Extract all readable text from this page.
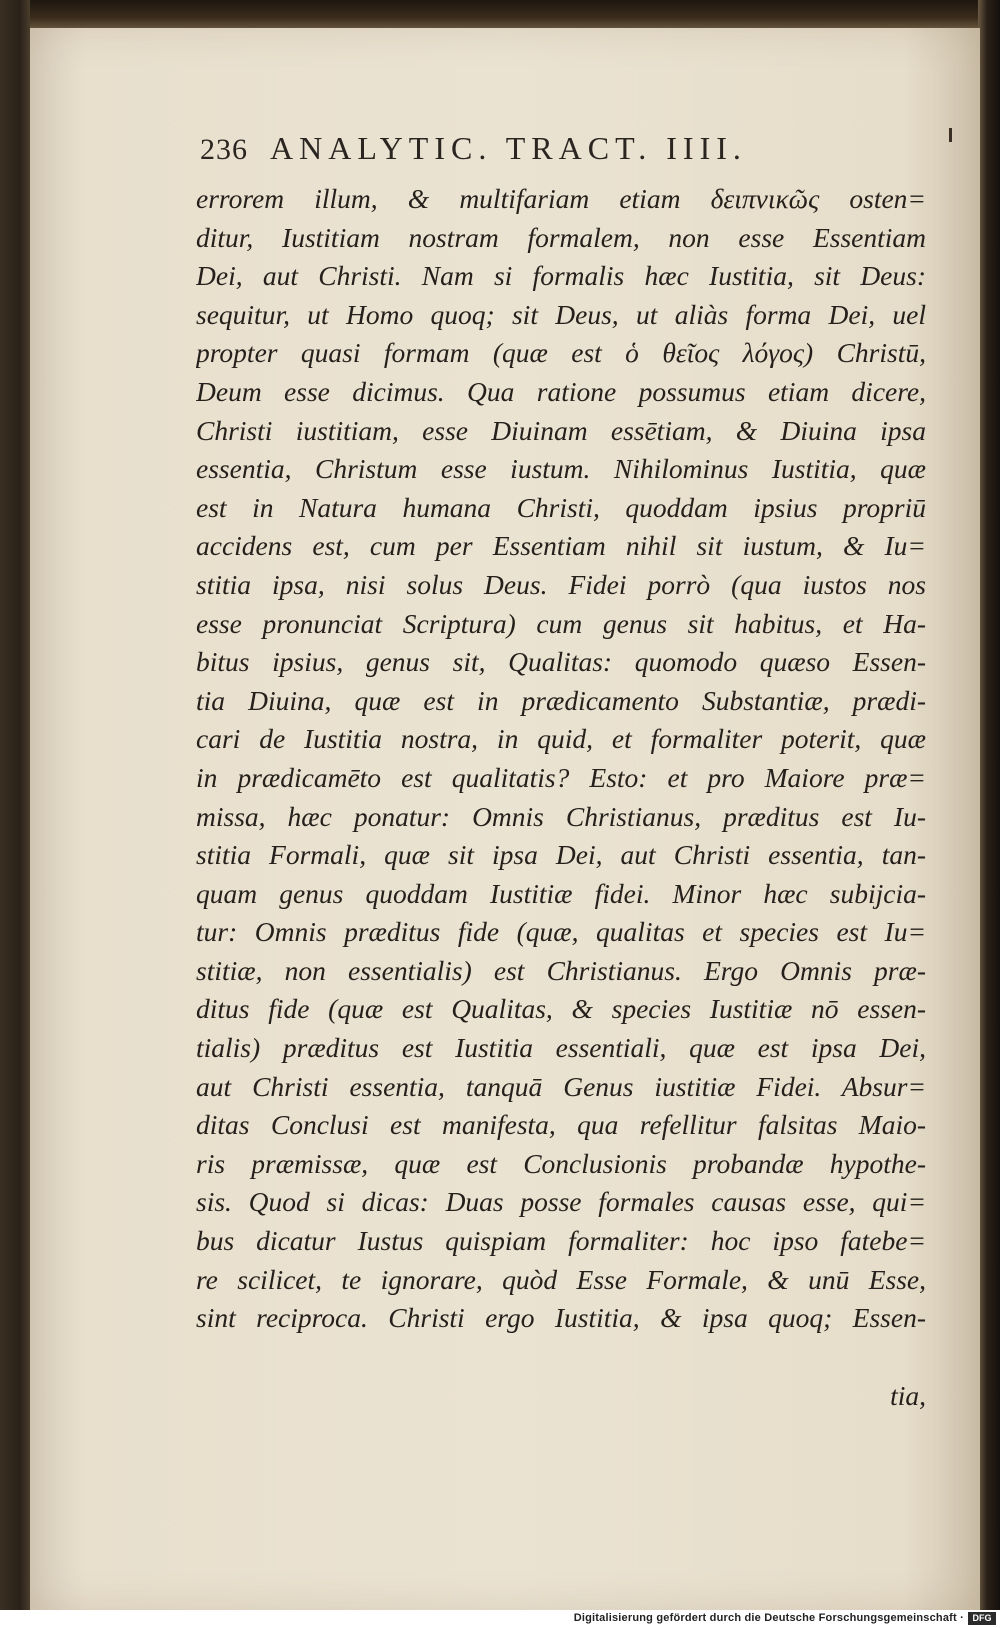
236 ANALYTIC. TRACT. IIII.
errorem illum, & multifariam etiam δειπνικῶς osten=
ditur, Iustitiam nostram formalem, non esse Essentiam
Dei, aut Christi. Nam si formalis hæc Iustitia, sit Deus:
sequitur, ut Homo quoq; sit Deus, ut aliàs forma Dei, uel
propter quasi formam (quæ est ὁ θεῖος λόγος) Christū,
Deum esse dicimus. Qua ratione possumus etiam dicere,
Christi iustitiam, esse Diuinam essētiam, & Diuina ipsa
essentia, Christum esse iustum. Nihilominus Iustitia, quæ
est in Natura humana Christi, quoddam ipsius propriū
accidens est, cum per Essentiam nihil sit iustum, & Iu=
stitia ipsa, nisi solus Deus. Fidei porrò (qua iustos nos
esse pronunciat Scriptura) cum genus sit habitus, et Ha-
bitus ipsius, genus sit, Qualitas: quomodo quæso Essen-
tia Diuina, quæ est in prædicamento Substantiæ, prædi-
cari de Iustitia nostra, in quid, et formaliter poterit, quæ
in prædicamēto est qualitatis? Esto: et pro Maiore præ=
missa, hæc ponatur: Omnis Christianus, præditus est Iu-
stitia Formali, quæ sit ipsa Dei, aut Christi essentia, tan-
quam genus quoddam Iustitiæ fidei. Minor hæc subijcia-
tur: Omnis præditus fide (quæ, qualitas et species est Iu=
stitiæ, non essentialis) est Christianus. Ergo Omnis præ-
ditus fide (quæ est Qualitas, & species Iustitiæ nō essen-
tialis) præditus est Iustitia essentiali, quæ est ipsa Dei,
aut Christi essentia, tanquā Genus iustitiæ Fidei. Absur=
ditas Conclusi est manifesta, qua refellitur falsitas Maio-
ris præmissæ, quæ est Conclusionis probandæ hypothe-
sis. Quod si dicas: Duas posse formales causas esse, qui=
bus dicatur Iustus quispiam formaliter: hoc ipso fatebe=
re scilicet, te ignorare, quòd Esse Formale, & unū Esse,
sint reciproca. Christi ergo Iustitia, & ipsa quoq; Essen-
tia,
Digitalisierung gefördert durch die Deutsche Forschungsgemeinschaft · DFG
